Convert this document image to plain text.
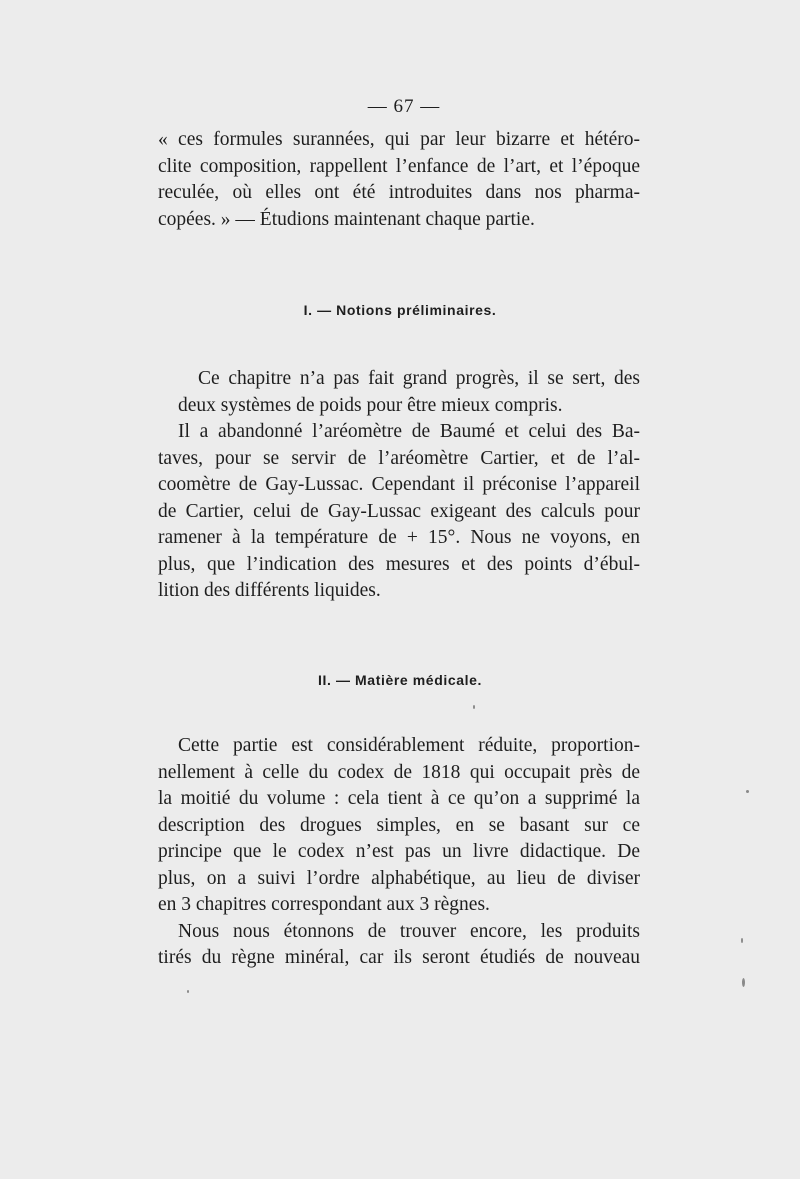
— 67 —

« ces formules surannées, qui par leur bizarre et hétéro-
clite composition, rappellent l’enfance de l’art, et l’époque
reculée, où elles ont été introduites dans nos pharma-
copées. » — Étudions maintenant chaque partie.

I. — Notions préliminaires.

Ce chapitre n’a pas fait grand progrès, il se sert, des
deux systèmes de poids pour être mieux compris.

Il a abandonné l’aréomètre de Baumé et celui des Ba-
taves, pour se servir de l’aréomètre Cartier, et de l’al-
coomètre de Gay-Lussac. Cependant il préconise l’appareil
de Cartier, celui de Gay-Lussac exigeant des calculs pour
ramener à la température de + 15°. Nous ne voyons, en
plus, que l’indication des mesures et des points d’ébul-
lition des différents liquides.

II. — Matière médicale.

Cette partie est considérablement réduite, proportion-
nellement à celle du codex de 1818 qui occupait près de
la moitié du volume : cela tient à ce qu’on a supprimé la
description des drogues simples, en se basant sur ce
principe que le codex n’est pas un livre didactique. De
plus, on a suivi l’ordre alphabétique, au lieu de diviser
en 3 chapitres correspondant aux 3 règnes.

Nous nous étonnons de trouver encore, les produits
tirés du règne minéral, car ils seront étudiés de nouveau
